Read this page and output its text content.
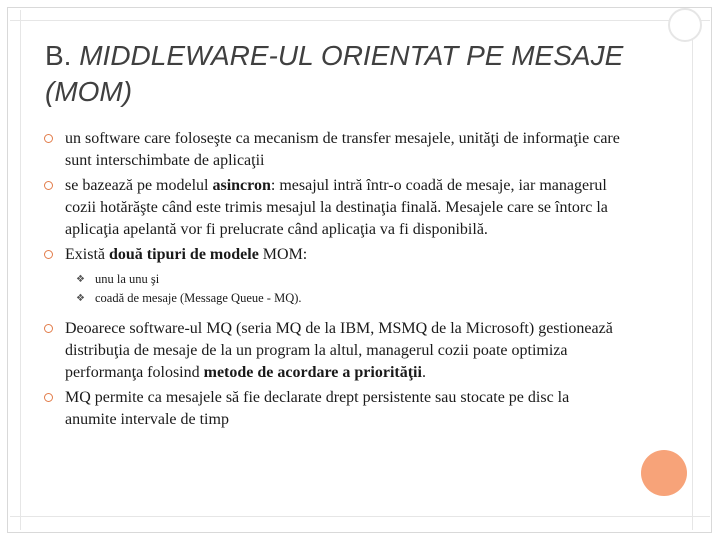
B. MIDDLEWARE-UL ORIENTAT PE MESAJE (MOM)
un software care foloseşte ca mecanism de transfer mesajele, unităţi de informaţie care sunt interschimbate de aplicaţii
se bazează pe modelul asincron: mesajul intră într-o coadă de mesaje, iar managerul cozii hotărăşte când este trimis mesajul la destinaţia finală. Mesajele care se întorc la aplicaţia apelantă vor fi prelucrate când aplicaţia va fi disponibilă.
Există două tipuri de modele MOM:
❖ unu la unu şi
❖ coadă de mesaje (Message Queue - MQ).
Deoarece software-ul MQ (seria MQ de la IBM, MSMQ de la Microsoft) gestionează distribuţia de mesaje de la un program la altul, managerul cozii poate optimiza performanţa folosind metode de acordare a priorităţii.
MQ permite ca mesajele să fie declarate drept persistente sau stocate pe disc la anumite intervale de timp
